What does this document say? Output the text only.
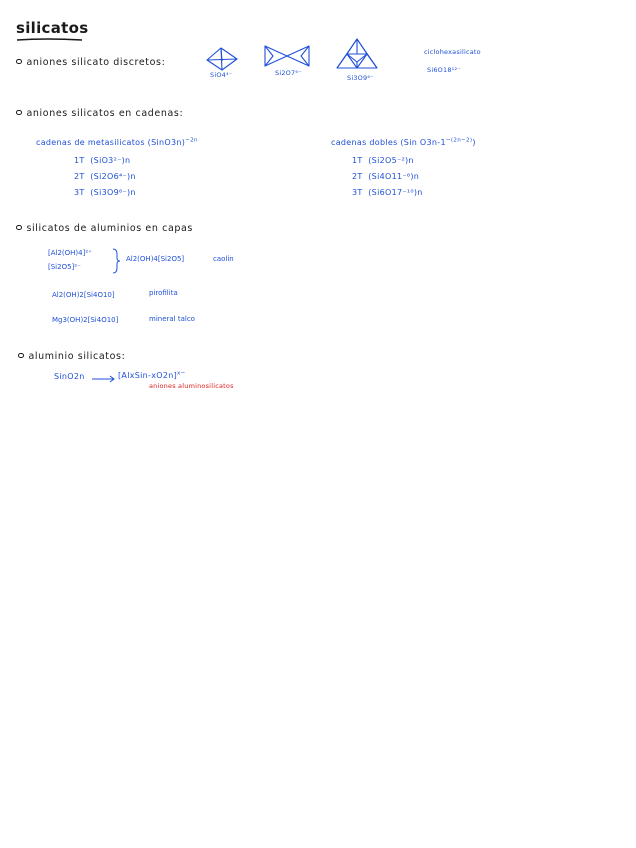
silicatos
aniones silicato discretos:
SiO4⁴⁻	Si2O7⁶⁻
Si3O9⁶⁻
ciclohexasilicato
Si6O18¹²⁻
aniones silicatos en cadenas:
cadenas de metasilicatos (SinO3n)$^{-2n}$
1T (SiO3²⁻)n
2T (Si2O6⁴⁻)n
3T (Si3O9⁶⁻)n
cadenas dobles (Sin $O3n-1^{-(2n-2)}$)
1T (Si2O5⁻²)n
2T (Si4O11⁻⁶)n
3T (Si6O17⁻¹⁰)n
silicatos de aluminios en capas
[Al2(OH)4]²⁺
[Si2O5]²⁻
Al2(OH)4[Si2O5]	caolín
Al2(OH)2[Si4O10]	pirofilita
Mg3(OH)2[Si4O10]	mineral talco
aluminio silicatos:
SinO2n	[AlxSin-xO2n]$^{x-}$
aniones aluminosilicatos
